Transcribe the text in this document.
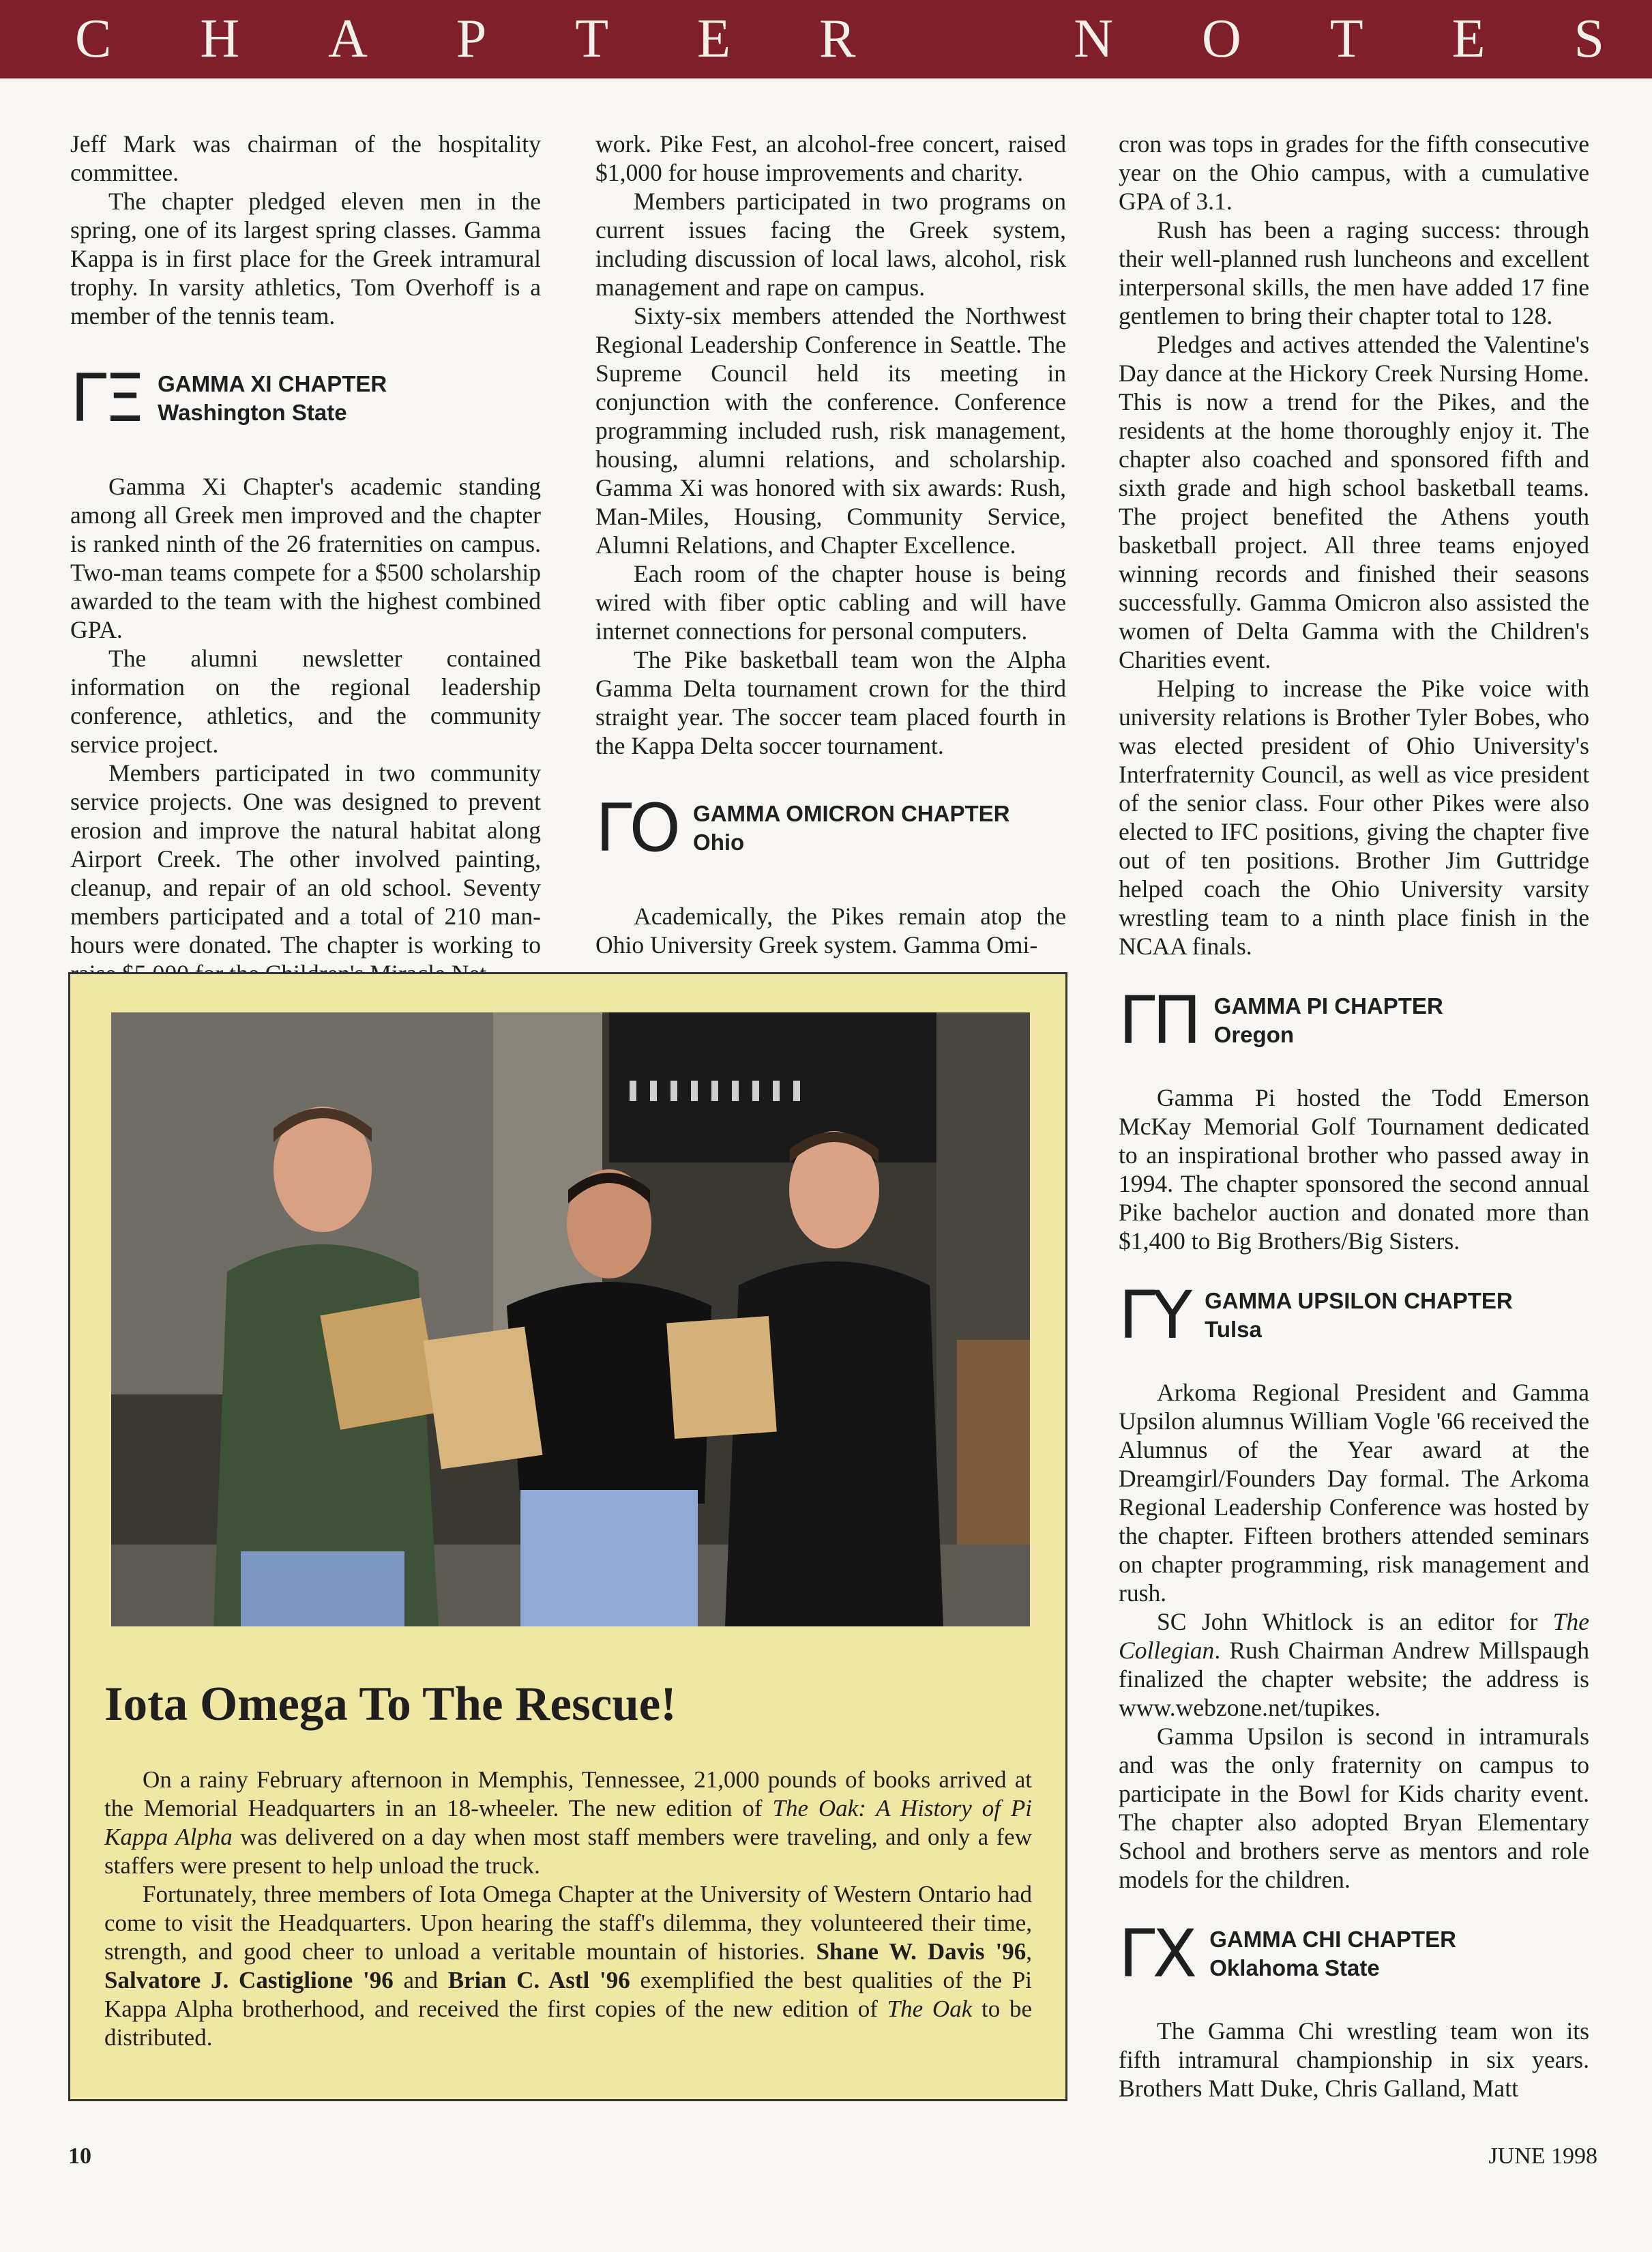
C H A P T E R	N O T E S

Jeff Mark was chairman of the hospitality committee.

The chapter pledged eleven men in the spring, one of its largest spring classes. Gamma Kappa is in first place for the Greek intramural trophy. In varsity athletics, Tom Overhoff is a member of the tennis team.

ΓΞ GAMMA XI CHAPTER
Washington State

Gamma Xi Chapter's academic standing among all Greek men improved and the chapter is ranked ninth of the 26 fraternities on campus. Two-man teams compete for a $500 scholarship awarded to the team with the highest combined GPA.

The alumni newsletter contained information on the regional leadership conference, athletics, and the community service project.

Members participated in two community service projects. One was designed to prevent erosion and improve the natural habitat along Airport Creek. The other involved painting, cleanup, and repair of an old school. Seventy members participated and a total of 210 man-hours were donated. The chapter is working to

work. Pike Fest, an alcohol-free concert, raised $1,000 for house improvements and charity.

Members participated in two programs on current issues facing the Greek system, including discussion of local laws, alcohol, risk management and rape on campus.

Sixty-six members attended the Northwest Regional Leadership Conference in Seattle. The Supreme Council held its meeting in conjunction with the conference. Conference programming included rush, risk management, housing, alumni relations, and scholarship. Gamma Xi was honored with six awards: Rush, Man-Miles, Housing, Community Service, Alumni Relations, and Chapter Excellence.

Each room of the chapter house is being wired with fiber optic cabling and will have internet connections for personal computers.

The Pike basketball team won the Alpha Gamma Delta tournament crown for the third straight year. The soccer team placed fourth in the Kappa Delta soccer tournament.

ΓΟ GAMMA OMICRON CHAPTER
Ohio

Academically, the Pikes remain atop the Ohio University Greek system. Gamma Omi-

cron was tops in grades for the fifth consecutive year on the Ohio campus, with a cumulative GPA of 3.1.

Rush has been a raging success: through their well-planned rush luncheons and excellent interpersonal skills, the men have added 17 fine gentlemen to bring their chapter total to 128.

Pledges and actives attended the Valentine's Day dance at the Hickory Creek Nursing Home. This is now a trend for the Pikes, and the residents at the home thoroughly enjoy it. The chapter also coached and sponsored fifth and sixth grade and high school basketball teams. The project benefited the Athens youth basketball project. All three teams enjoyed winning records and finished their seasons successfully. Gamma Omicron also assisted the women of Delta Gamma with the Children's Charities event.

Helping to increase the Pike voice with university relations is Brother Tyler Bobes, who was elected president of Ohio University's Interfraternity Council, as well as vice president of the senior class. Four other Pikes were also elected to IFC positions, giving the chapter five out of ten positions. Brother Jim Guttridge helped coach the Ohio University varsity wrestling team to a ninth place finish in the NCAA finals.

ΓΠ GAMMA PI CHAPTER
Oregon

Gamma Pi hosted the Todd Emerson McKay Memorial Golf Tournament dedicated to an inspirational brother who passed away in 1994. The chapter sponsored the second annual Pike bachelor auction and donated more than $1,400 to Big Brothers/Big Sisters.

ΓΥ GAMMA UPSILON CHAPTER
Tulsa

Arkoma Regional President and Gamma Upsilon alumnus William Vogle '66 received the Alumnus of the Year award at the Dreamgirl/Founders Day formal. The Arkoma Regional Leadership Conference was hosted by the chapter. Fifteen brothers attended seminars on chapter programming, risk management and rush.

SC John Whitlock is an editor for The Collegian. Rush Chairman Andrew Millspaugh finalized the chapter website; the address is www.webzone.net/tupikes.

Gamma Upsilon is second in intramurals and was the only fraternity on campus to participate in the Bowl for Kids charity event. The chapter also adopted Bryan Elementary School and brothers serve as mentors and role models for the children.

ΓΧ GAMMA CHI CHAPTER
Oklahoma State

The Gamma Chi wrestling team won its fifth intramural championship in six years. Brothers Matt Duke, Chris Galland, Matt

Iota Omega To The Rescue!

On a rainy February afternoon in Memphis, Tennessee, 21,000 pounds of books arrived at the Memorial Headquarters in an 18-wheeler. The new edition of The Oak: A History of Pi Kappa Alpha was delivered on a day when most staff members were traveling, and only a few staffers were present to help unload the truck.

Fortunately, three members of Iota Omega Chapter at the University of Western Ontario had come to visit the Headquarters. Upon hearing the staff's dilemma, they volunteered their time, strength, and good cheer to unload a veritable mountain of histories. Shane W. Davis '96, Salvatore J. Castiglione '96 and Brian C. Astl '96 exemplified the best qualities of the Pi Kappa Alpha brotherhood, and received the first copies of the new edition of The Oak to be distributed.

10	JUNE 1998
